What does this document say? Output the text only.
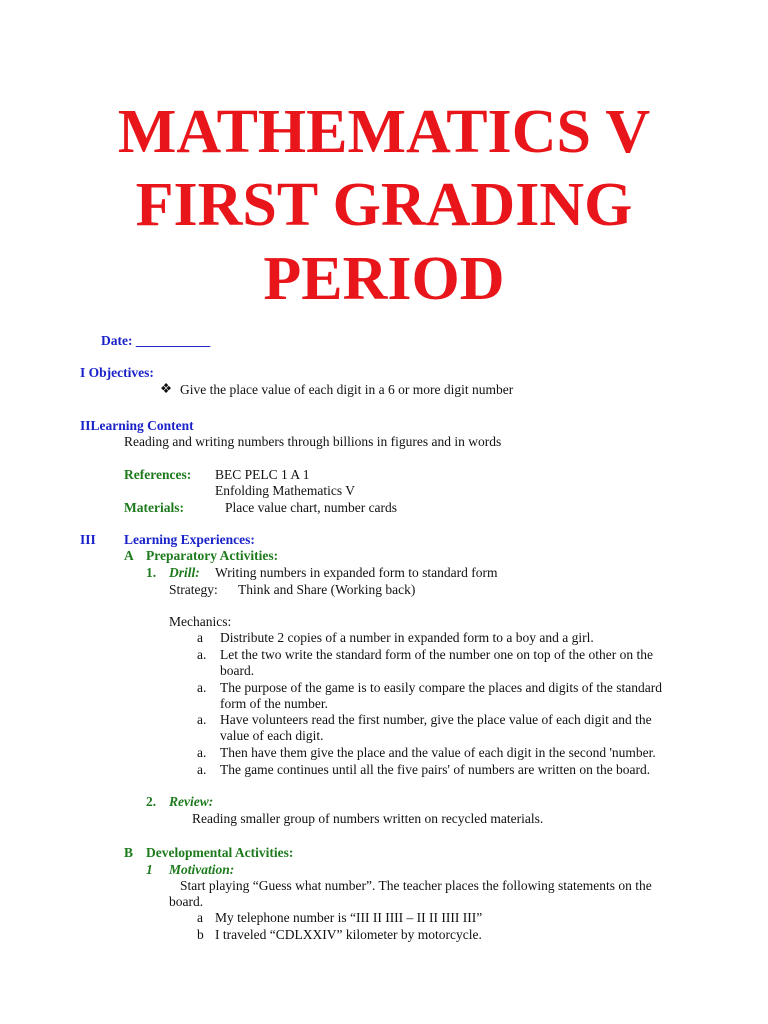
MATHEMATICS V
FIRST GRADING
PERIOD
Date: ___________
I Objectives:
❖ Give the place value of each digit in a 6 or more digit number
IILearning Content
Reading and writing numbers through billions in figures and in words
References: BEC PELC 1 A 1
Enfolding Mathematics V
Materials:	Place value chart, number cards
III Learning Experiences:
A Preparatory Activities:
1. Drill: Writing numbers in expanded form to standard form
Strategy: Think and Share (Working back)
Mechanics:
a Distribute 2 copies of a number in expanded form to a boy and a girl.
a. Let the two write the standard form of the number one on top of the other on the board.
a. The purpose of the game is to easily compare the places and digits of the standard form of the number.
a. Have volunteers read the first number, give the place value of each digit and the value of each digit.
a. Then have them give the place and the value of each digit in the second 'number.
a. The game continues until all the five pairs' of numbers are written on the board.
2. Review:
Reading smaller group of numbers written on recycled materials.
B Developmental Activities:
1 Motivation:
Start playing “Guess what number”. The teacher places the following statements on the board.
a My telephone number is “III II IIII – II II IIII III”
b I traveled “CDLXXIV” kilometer by motorcycle.
